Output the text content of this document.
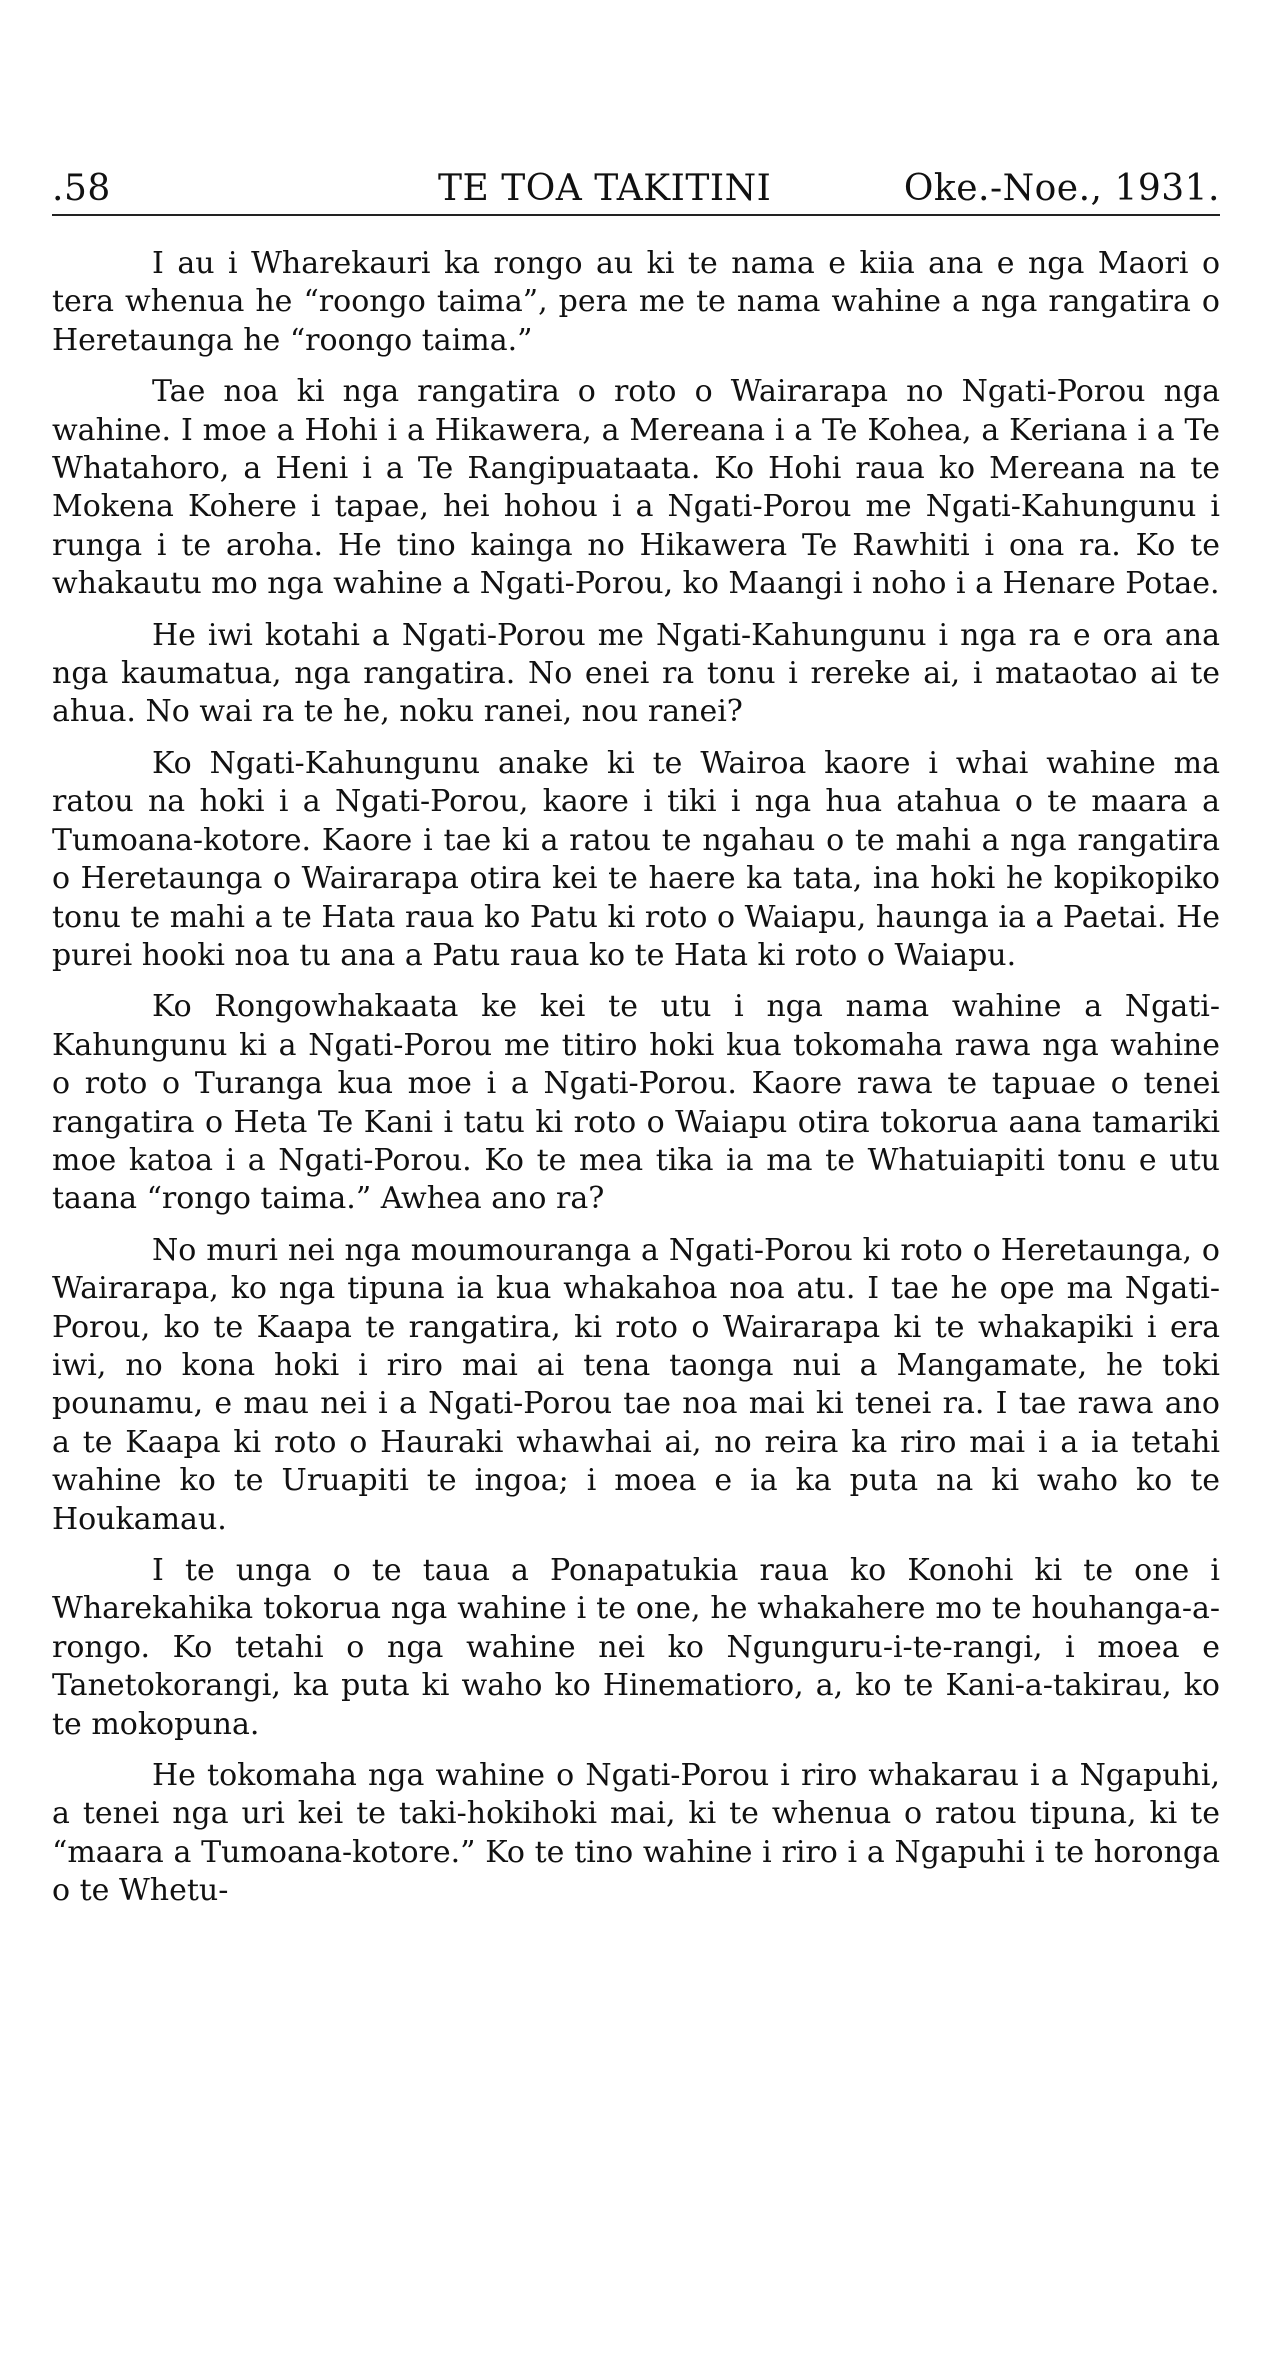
.58	TE TOA TAKITINI	Oke.-Noe., 1931.

I au i Wharekauri ka rongo au ki te nama e kiia ana e nga Maori o tera whenua he “roongo taima”, pera me te nama wahine a nga rangatira o Heretaunga he “roongo taima.”

Tae noa ki nga rangatira o roto o Wairarapa no Ngati-Porou nga wahine. I moe a Hohi i a Hikawera, a Mereana i a Te Kohea, a Keriana i a Te Whatahoro, a Heni i a Te Rangipuataata. Ko Hohi raua ko Mereana na te Mokena Kohere i tapae, hei hohou i a Ngati-Porou me Ngati-Kahungunu i runga i te aroha. He tino kainga no Hikawera Te Rawhiti i ona ra. Ko te whakautu mo nga wahine a Ngati-Porou, ko Maangi i noho i a Henare Potae.

He iwi kotahi a Ngati-Porou me Ngati-Kahungunu i nga ra e ora ana nga kaumatua, nga rangatira. No enei ra tonu i rereke ai, i mataotao ai te ahua. No wai ra te he, noku ranei, nou ranei?

Ko Ngati-Kahungunu anake ki te Wairoa kaore i whai wahine ma ratou na hoki i a Ngati-Porou, kaore i tiki i nga hua atahua o te maara a Tumoana-kotore. Kaore i tae ki a ratou te ngahau o te mahi a nga rangatira o Heretaunga o Wairarapa otira kei te haere ka tata, ina hoki he kopikopiko tonu te mahi a te Hata raua ko Patu ki roto o Waiapu, haunga ia a Paetai. He purei hooki noa tu ana a Patu raua ko te Hata ki roto o Waiapu.

Ko Rongowhakaata ke kei te utu i nga nama wahine a Ngati-Kahungunu ki a Ngati-Porou me titiro hoki kua tokomaha rawa nga wahine o roto o Turanga kua moe i a Ngati-Porou. Kaore rawa te tapuae o tenei rangatira o Heta Te Kani i tatu ki roto o Waiapu otira tokorua aana tamariki moe katoa i a Ngati-Porou. Ko te mea tika ia ma te Whatuiapiti tonu e utu taana “rongo taima.” Awhea ano ra?

No muri nei nga moumouranga a Ngati-Porou ki roto o Heretaunga, o Wairarapa, ko nga tipuna ia kua whakahoa noa atu. I tae he ope ma Ngati-Porou, ko te Kaapa te rangatira, ki roto o Wairarapa ki te whakapiki i era iwi, no kona hoki i riro mai ai tena taonga nui a Mangamate, he toki pounamu, e mau nei i a Ngati-Porou tae noa mai ki tenei ra. I tae rawa ano a te Kaapa ki roto o Hauraki whawhai ai, no reira ka riro mai i a ia tetahi wahine ko te Uruapiti te ingoa; i moea e ia ka puta na ki waho ko te Houkamau.

I te unga o te taua a Ponapatukia raua ko Konohi ki te one i Wharekahika tokorua nga wahine i te one, he whakahere mo te houhanga-a-rongo. Ko tetahi o nga wahine nei ko Ngunguru-i-te-rangi, i moea e Tanetokorangi, ka puta ki waho ko Hinematioro, a, ko te Kani-a-takirau, ko te mokopuna.

He tokomaha nga wahine o Ngati-Porou i riro whakarau i a Ngapuhi, a tenei nga uri kei te taki-hokihoki mai, ki te whenua o ratou tipuna, ki te “maara a Tumoana-kotore.” Ko te tino wahine i riro i a Ngapuhi i te horonga o te Whetu-
